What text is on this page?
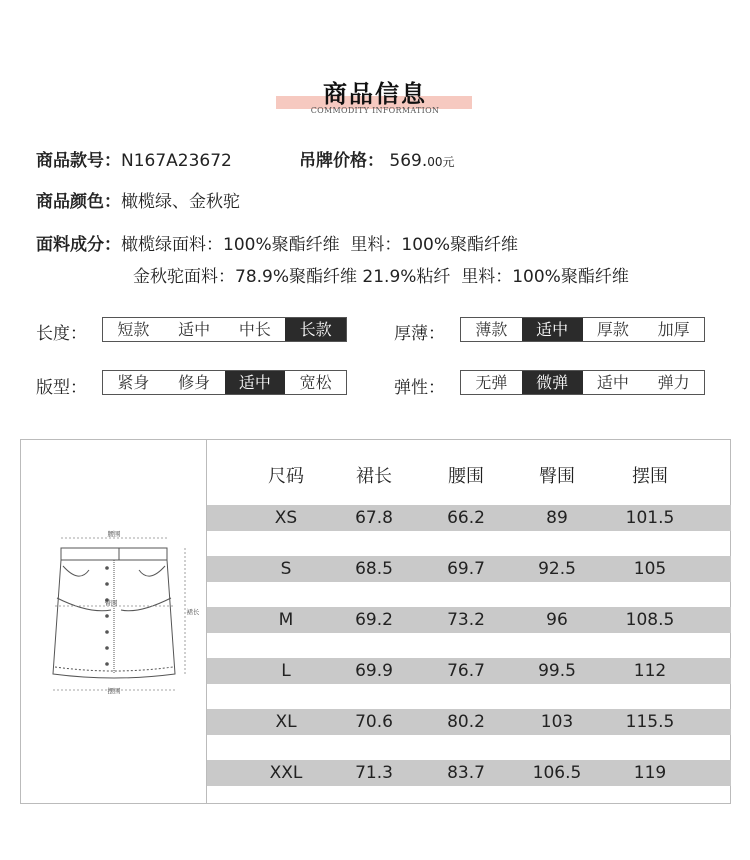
商品信息
COMMODITY INFORMATION
商品款号：N167A23672	吊牌价格： 569.00元
商品颜色：橄榄绿、金秋驼
面料成分：橄榄绿面料：100%聚酯纤维  里料：100%聚酯纤维
金秋驼面料：78.9%聚酯纤维 21.9%粘纤  里料：100%聚酯纤维
长度：	短款	适中	中长	长款	厚薄：	薄款	适中	厚款	加厚
版型：	紧身	修身	适中	宽松	弹性：	无弹	微弹	适中	弹力
腰围
臀围
摆围
裙长
尺码	裙长	腰围	臀围	摆围
XS	67.8	66.2	89	101.5
S	68.5	69.7	92.5	105
M	69.2	73.2	96	108.5
L	69.9	76.7	99.5	112
XL	70.6	80.2	103	115.5
XXL	71.3	83.7	106.5	119
